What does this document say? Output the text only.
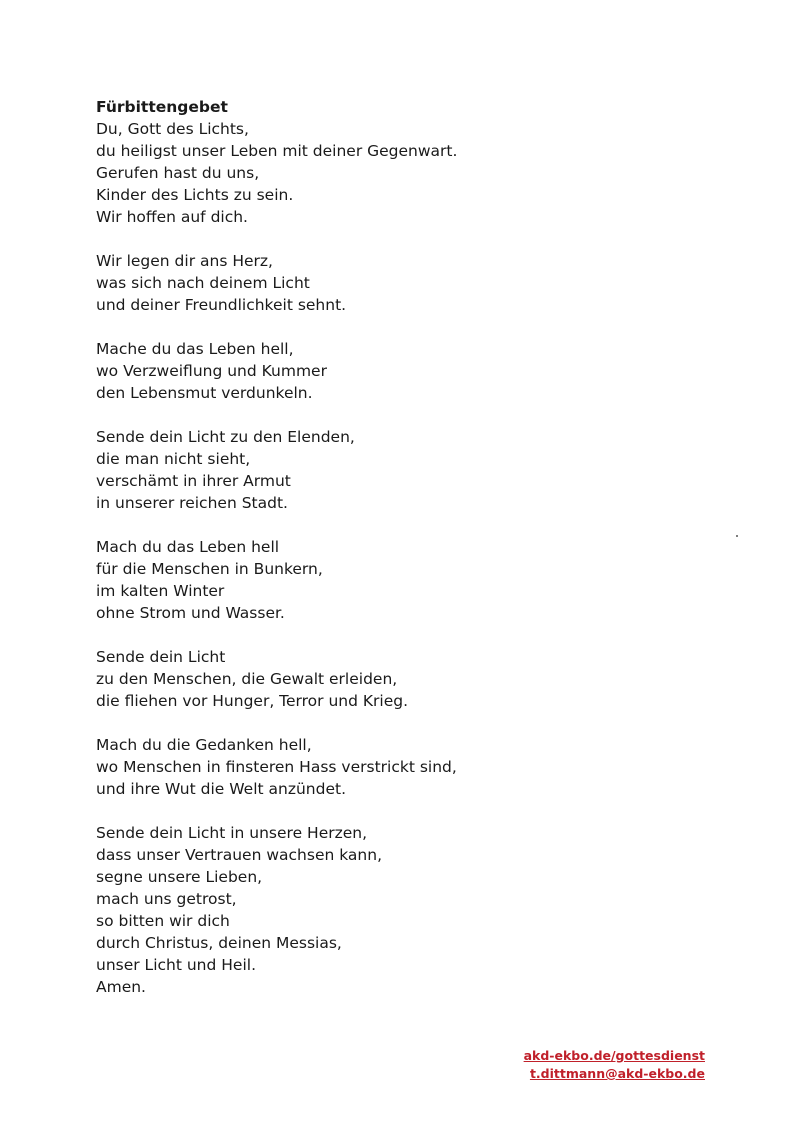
Fürbittengebet
Du, Gott des Lichts,
du heiligst unser Leben mit deiner Gegenwart.
Gerufen hast du uns,
Kinder des Lichts zu sein.
Wir hoffen auf dich.
Wir legen dir ans Herz,
was sich nach deinem Licht
und deiner Freundlichkeit sehnt.
Mache du das Leben hell,
wo Verzweiflung und Kummer
den Lebensmut verdunkeln.
Sende dein Licht zu den Elenden,
die man nicht sieht,
verschämt in ihrer Armut
in unserer reichen Stadt.
Mach du das Leben hell
für die Menschen in Bunkern,
im kalten Winter
ohne Strom und Wasser.
Sende dein Licht
zu den Menschen, die Gewalt erleiden,
die fliehen vor Hunger, Terror und Krieg.
Mach du die Gedanken hell,
wo Menschen in finsteren Hass verstrickt sind,
und ihre Wut die Welt anzündet.
Sende dein Licht in unsere Herzen,
dass unser Vertrauen wachsen kann,
segne unsere Lieben,
mach uns getrost,
so bitten wir dich
durch Christus, deinen Messias,
unser Licht und Heil.
Amen.
akd-ekbo.de/gottesdienst
t.dittmann@akd-ekbo.de
